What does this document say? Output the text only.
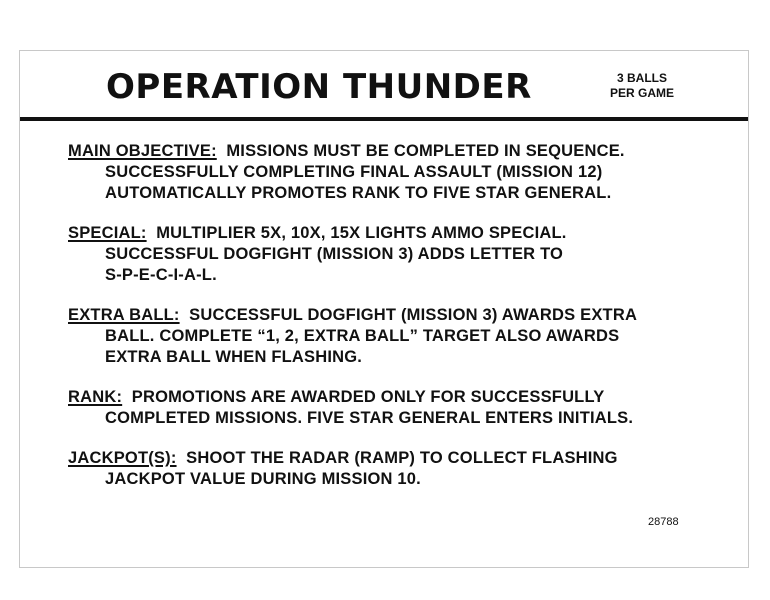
OPERATION THUNDER	3 BALLS
PER GAME

MAIN OBJECTIVE: MISSIONS MUST BE COMPLETED IN SEQUENCE.
SUCCESSFULLY COMPLETING FINAL ASSAULT (MISSION 12)
AUTOMATICALLY PROMOTES RANK TO FIVE STAR GENERAL.
SPECIAL: MULTIPLIER 5X, 10X, 15X LIGHTS AMMO SPECIAL.
SUCCESSFUL DOGFIGHT (MISSION 3) ADDS LETTER TO
S-P-E-C-I-A-L.
EXTRA BALL: SUCCESSFUL DOGFIGHT (MISSION 3) AWARDS EXTRA
BALL. COMPLETE “1, 2, EXTRA BALL” TARGET ALSO AWARDS
EXTRA BALL WHEN FLASHING.
RANK: PROMOTIONS ARE AWARDED ONLY FOR SUCCESSFULLY
COMPLETED MISSIONS. FIVE STAR GENERAL ENTERS INITIALS.
JACKPOT(S): SHOOT THE RADAR (RAMP) TO COLLECT FLASHING
JACKPOT VALUE DURING MISSION 10.

28788
